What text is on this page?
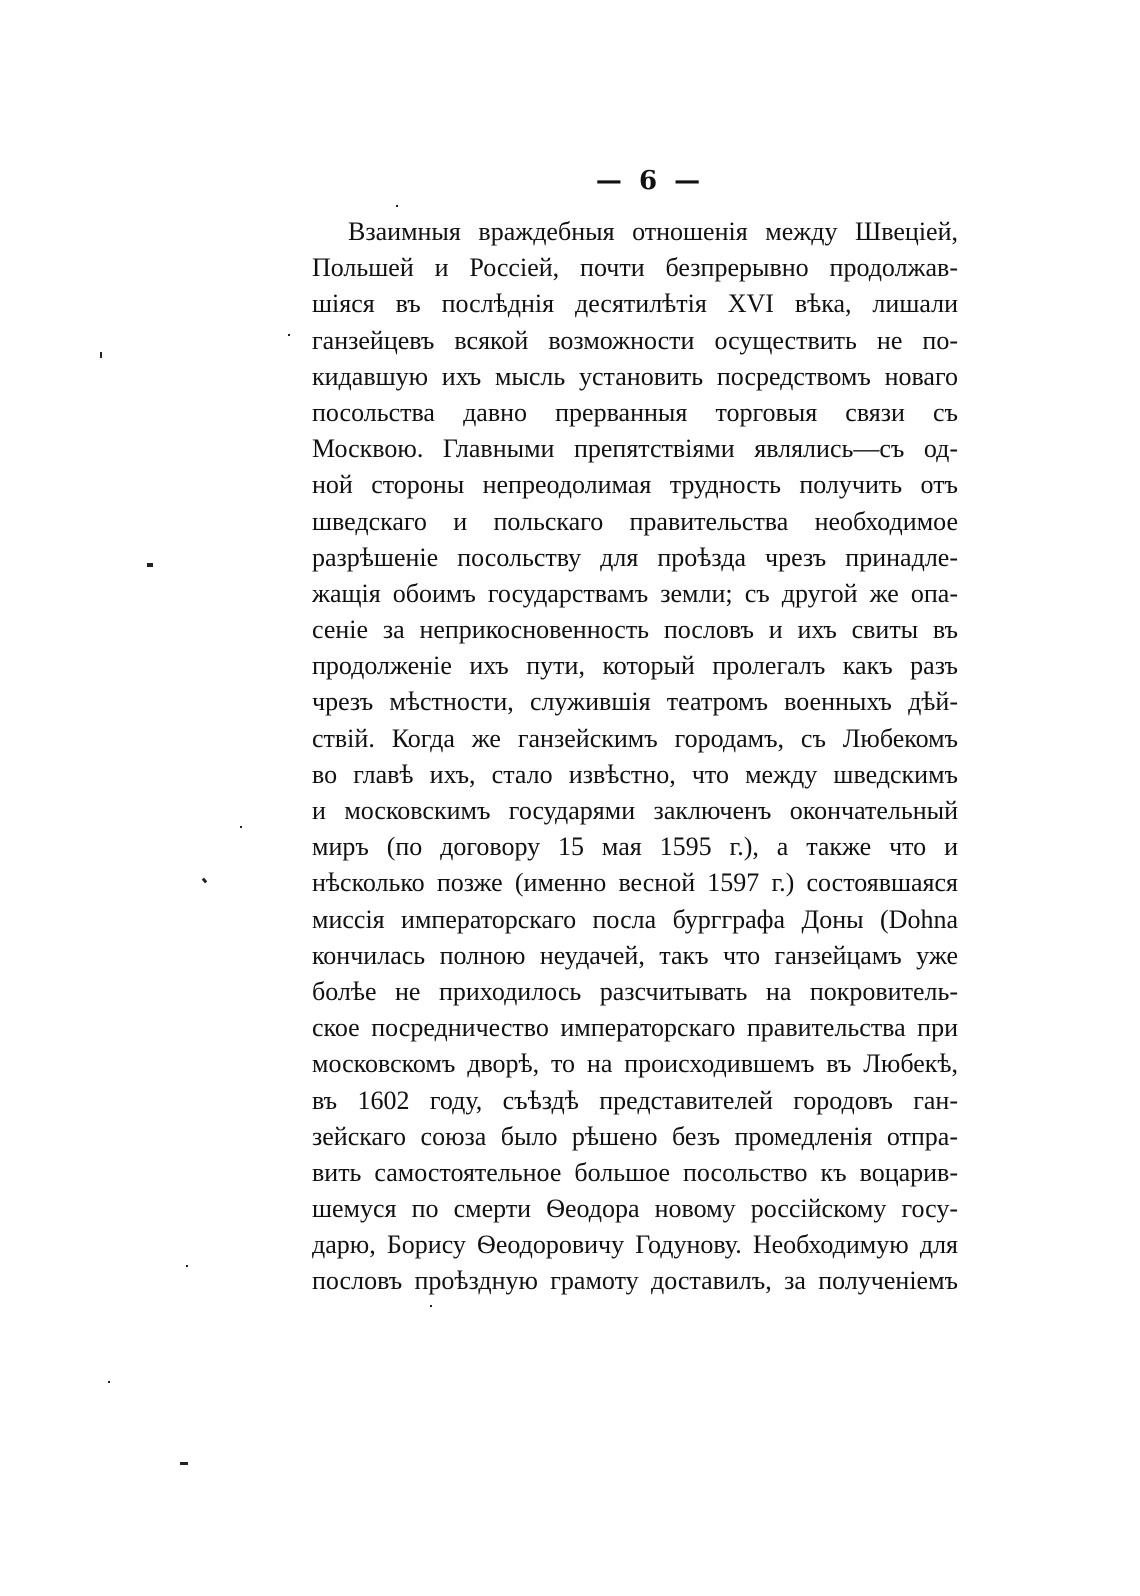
— 6 —
Взаимныя враждебныя отношенія между Швеціей,
Польшей и Россіей, почти безпрерывно продолжав-
шіяся въ послѣднія десятилѣтія XVI вѣка, лишали
ганзейцевъ всякой возможности осуществить не по-
кидавшую ихъ мысль установить посредствомъ новаго
посольства давно прерванныя торговыя связи съ
Москвою. Главными препятствіями являлись—съ од-
ной стороны непреодолимая трудность получить отъ
шведскаго и польскаго правительства необходимое
разрѣшеніе посольству для проѣзда чрезъ принадле-
жащія обоимъ государствамъ земли; съ другой же опа-
сеніе за неприкосновенность пословъ и ихъ свиты въ
продолженіе ихъ пути, который пролегалъ какъ разъ
чрезъ мѣстности, служившія театромъ военныхъ дѣй-
ствій. Когда же ганзейскимъ городамъ, съ Любекомъ
во главѣ ихъ, стало извѣстно, что между шведскимъ
и московскимъ государями заключенъ окончательный
миръ (по договору 15 мая 1595 г.), а также что и
нѣсколько позже (именно весной 1597 г.) состоявшаяся
миссія императорскаго посла бургграфа Доны (Dohna
кончилась полною неудачей, такъ что ганзейцамъ уже
болѣе не приходилось разсчитывать на покровитель-
ское посредничество императорскаго правительства при
московскомъ дворѣ, то на происходившемъ въ Любекѣ,
въ 1602 году, съѣздѣ представителей городовъ ган-
зейскаго союза было рѣшено безъ промедленія отпра-
вить самостоятельное большое посольство къ воцарив-
шемуся по смерти Ѳеодора новому россійскому госу-
дарю, Борису Ѳеодоровичу Годунову. Необходимую для
пословъ проѣздную грамоту доставилъ, за полученіемъ
